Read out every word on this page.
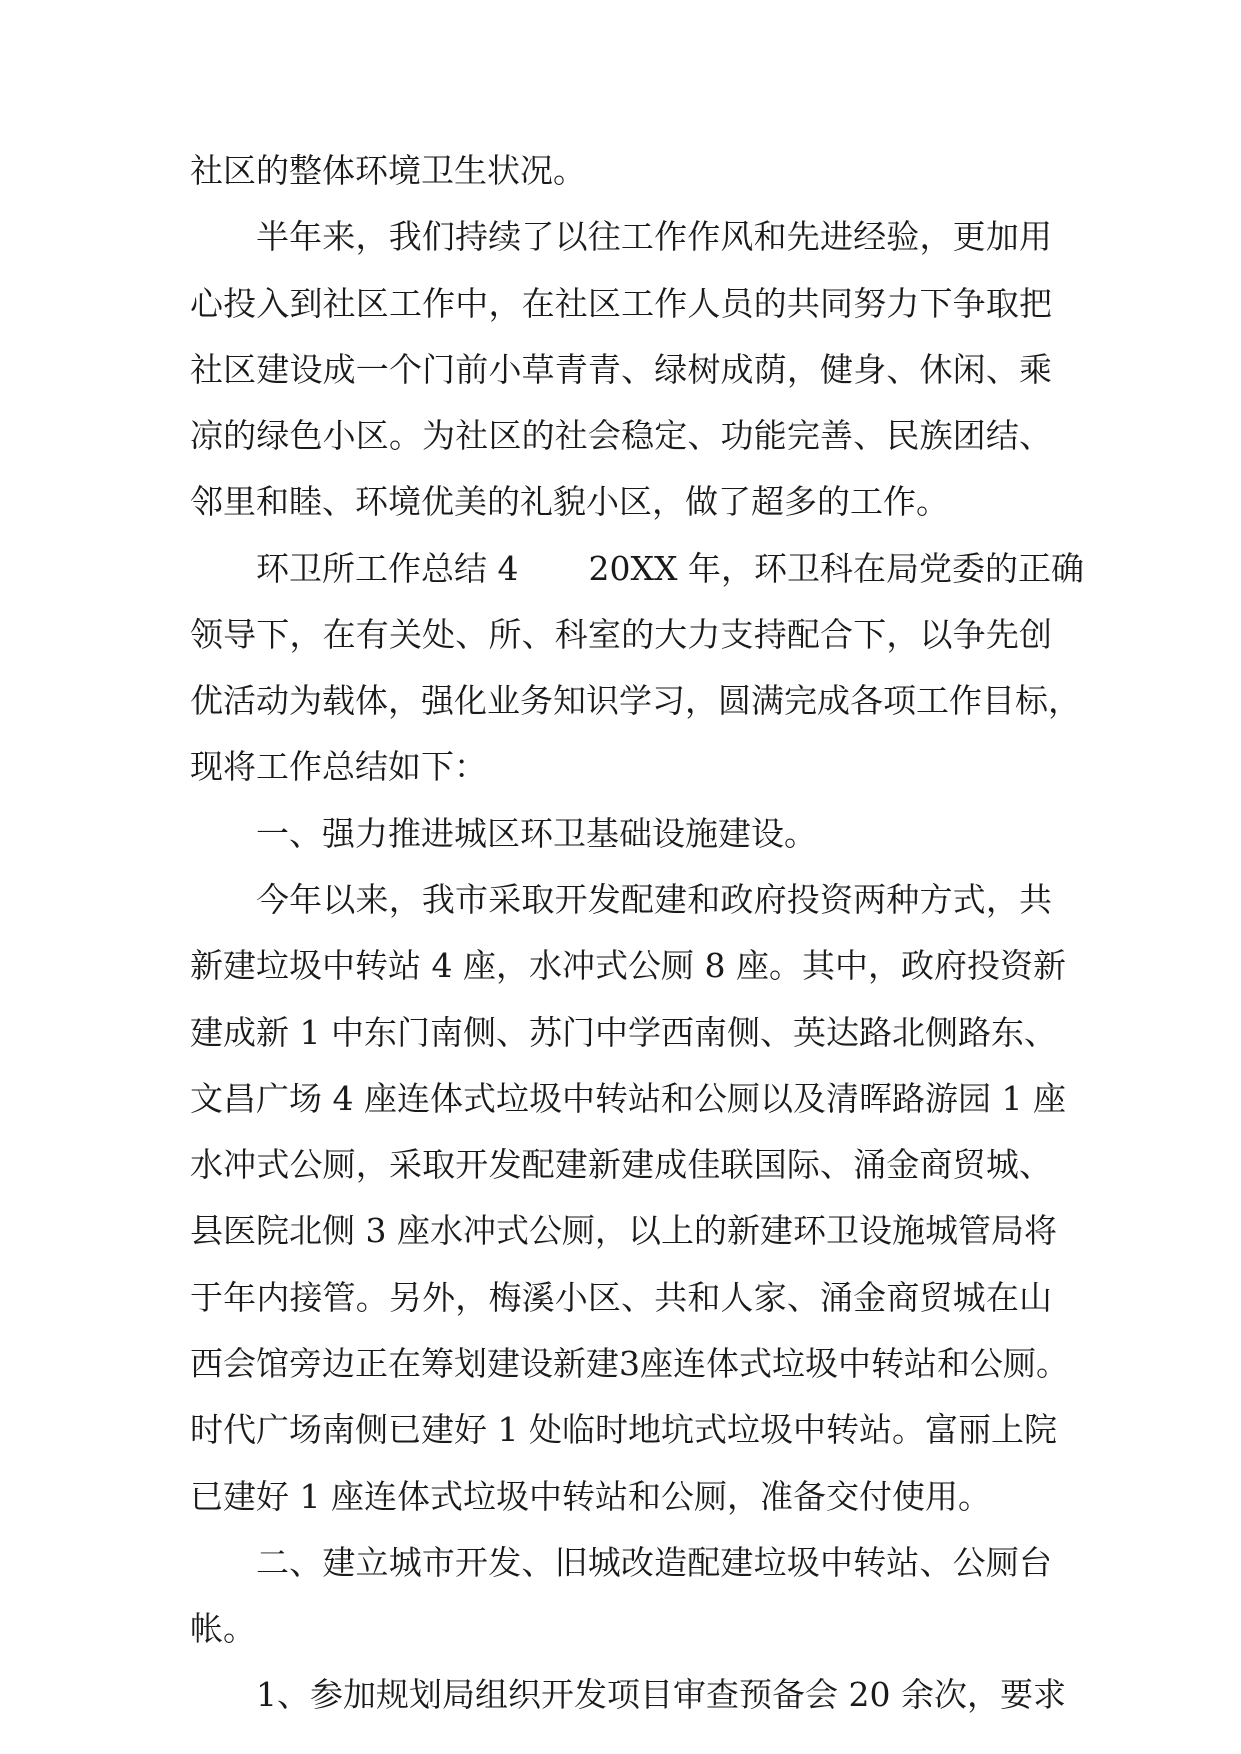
社区的整体环境卫生状况。
半年来，我们持续了以往工作作风和先进经验，更加用
心投入到社区工作中，在社区工作人员的共同努力下争取把
社区建设成一个门前小草青青、绿树成荫，健身、休闲、乘
凉的绿色小区。为社区的社会稳定、功能完善、民族团结、
邻里和睦、环境优美的礼貌小区，做了超多的工作。
环卫所工作总结 4 20XX 年，环卫科在局党委的正确
领导下，在有关处、所、科室的大力支持配合下，以争先创
优活动为载体，强化业务知识学习，圆满完成各项工作目标，
现将工作总结如下：
一、强力推进城区环卫基础设施建设。
今年以来，我市采取开发配建和政府投资两种方式，共
新建垃圾中转站 4 座，水冲式公厕 8 座。其中，政府投资新
建成新 1 中东门南侧、苏门中学西南侧、英达路北侧路东、
文昌广场 4 座连体式垃圾中转站和公厕以及清晖路游园 1 座
水冲式公厕，采取开发配建新建成佳联国际、涌金商贸城、
县医院北侧 3 座水冲式公厕，以上的新建环卫设施城管局将
于年内接管。另外，梅溪小区、共和人家、涌金商贸城在山
西会馆旁边正在筹划建设新建3座连体式垃圾中转站和公厕。
时代广场南侧已建好 1 处临时地坑式垃圾中转站。富丽上院
已建好 1 座连体式垃圾中转站和公厕，准备交付使用。
二、建立城市开发、旧城改造配建垃圾中转站、公厕台
帐。
1、参加规划局组织开发项目审查预备会 20 余次，要求
